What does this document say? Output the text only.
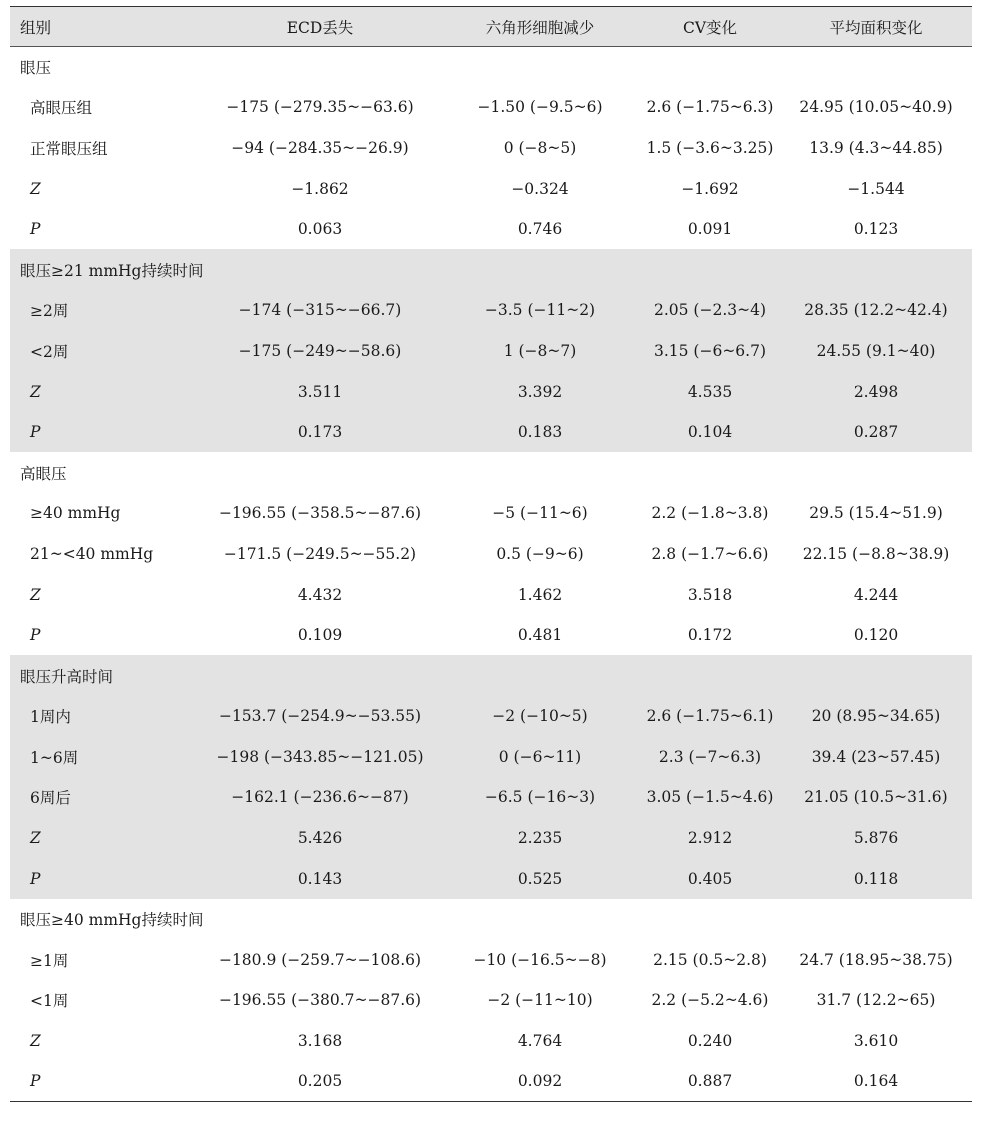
组别	ECD丢失	六角形细胞减少	CV变化	平均面积变化
眼压				
高眼压组	−175 (−279.35~−63.6)	−1.50 (−9.5~6)	2.6 (−1.75~6.3)	24.95 (10.05~40.9)
正常眼压组	−94 (−284.35~−26.9)	0 (−8~5)	1.5 (−3.6~3.25)	13.9 (4.3~44.85)
Z	−1.862	−0.324	−1.692	−1.544
P	0.063	0.746	0.091	0.123
眼压≥21 mmHg持续时间				
≥2周	−174 (−315~−66.7)	−3.5 (−11~2)	2.05 (−2.3~4)	28.35 (12.2~42.4)
<2周	−175 (−249~−58.6)	1 (−8~7)	3.15 (−6~6.7)	24.55 (9.1~40)
Z	3.511	3.392	4.535	2.498
P	0.173	0.183	0.104	0.287
高眼压				
≥40 mmHg	−196.55 (−358.5~−87.6)	−5 (−11~6)	2.2 (−1.8~3.8)	29.5 (15.4~51.9)
21~<40 mmHg	−171.5 (−249.5~−55.2)	0.5 (−9~6)	2.8 (−1.7~6.6)	22.15 (−8.8~38.9)
Z	4.432	1.462	3.518	4.244
P	0.109	0.481	0.172	0.120
眼压升高时间				
1周内	−153.7 (−254.9~−53.55)	−2 (−10~5)	2.6 (−1.75~6.1)	20 (8.95~34.65)
1~6周	−198 (−343.85~−121.05)	0 (−6~11)	2.3 (−7~6.3)	39.4 (23~57.45)
6周后	−162.1 (−236.6~−87)	−6.5 (−16~3)	3.05 (−1.5~4.6)	21.05 (10.5~31.6)
Z	5.426	2.235	2.912	5.876
P	0.143	0.525	0.405	0.118
眼压≥40 mmHg持续时间				
≥1周	−180.9 (−259.7~−108.6)	−10 (−16.5~−8)	2.15 (0.5~2.8)	24.7 (18.95~38.75)
<1周	−196.55 (−380.7~−87.6)	−2 (−11~10)	2.2 (−5.2~4.6)	31.7 (12.2~65)
Z	3.168	4.764	0.240	3.610
P	0.205	0.092	0.887	0.164
